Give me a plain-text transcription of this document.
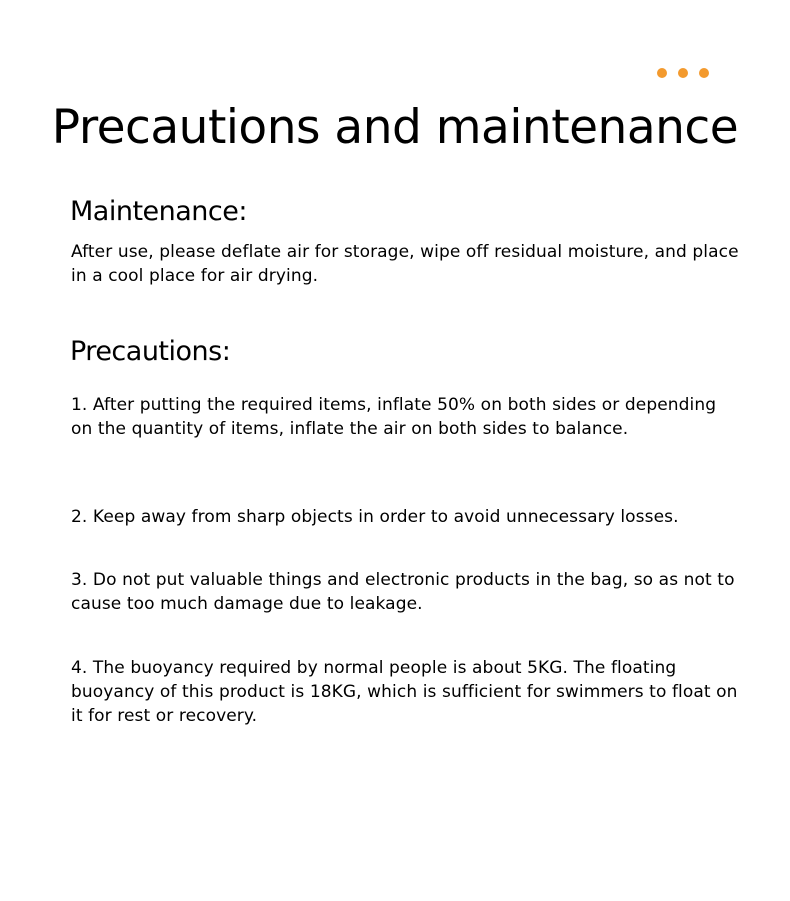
Precautions and maintenance
Maintenance:

After use, please deflate air for storage, wipe off residual moisture, and place in a cool place for air drying.

Precautions:

1. After putting the required items, inflate 50% on both sides or depending on the quantity of items, inflate the air on both sides to balance.

2. Keep away from sharp objects in order to avoid unnecessary losses.

3. Do not put valuable things and electronic products in the bag, so as not to cause too much damage due to leakage.

4. The buoyancy required by normal people is about 5KG. The floating buoyancy of this product is 18KG, which is sufficient for swimmers to float on it for rest or recovery.
